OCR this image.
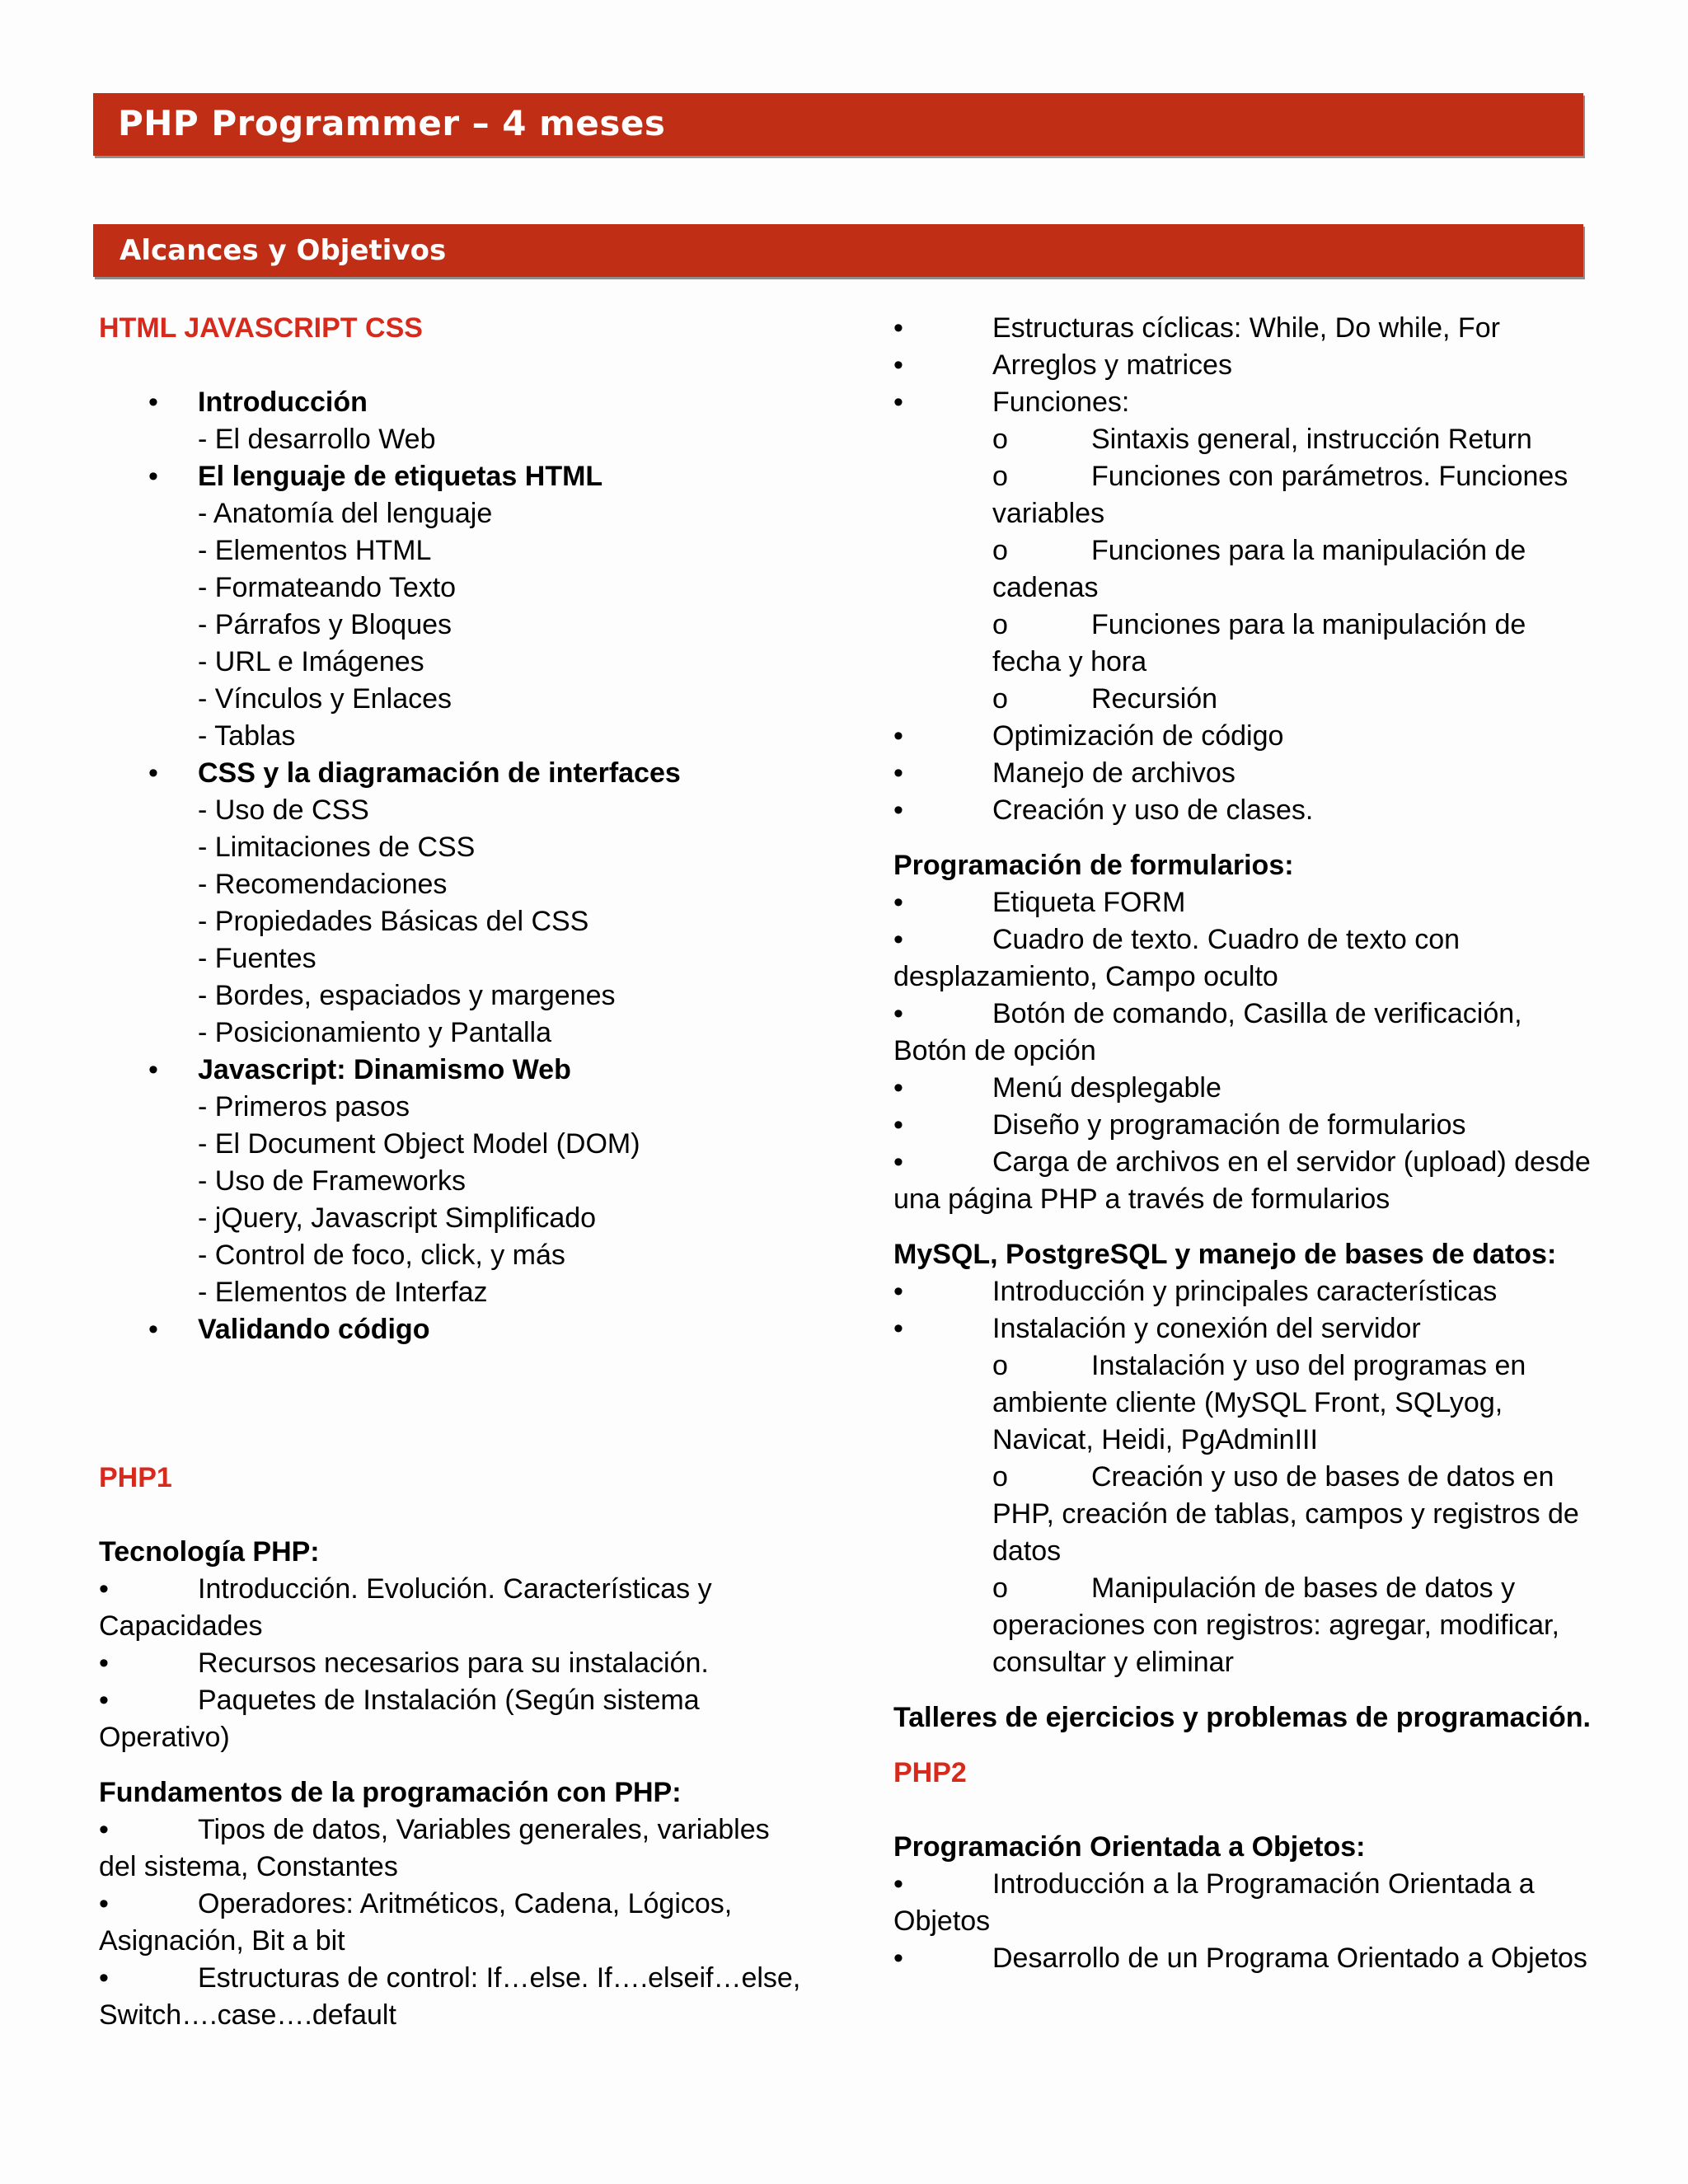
PHP Programmer – 4 meses
Alcances y Objetivos
HTML JAVASCRIPT CSS
• Introducción
- El desarrollo Web
• El lenguaje de etiquetas HTML
- Anatomía del lenguaje
- Elementos HTML
- Formateando Texto
- Párrafos y Bloques
- URL e Imágenes
- Vínculos y Enlaces
- Tablas
• CSS y la diagramación de interfaces
- Uso de CSS
- Limitaciones de CSS
- Recomendaciones
- Propiedades Básicas del CSS
- Fuentes
- Bordes, espaciados y margenes
- Posicionamiento y Pantalla
• Javascript: Dinamismo Web
- Primeros pasos
- El Document Object Model (DOM)
- Uso de Frameworks
- jQuery, Javascript Simplificado
- Control de foco, click, y más
- Elementos de Interfaz
• Validando código
PHP1
Tecnología PHP:
•	Introducción. Evolución. Características y
Capacidades
•	Recursos necesarios para su instalación.
•	Paquetes de Instalación (Según sistema
Operativo)
Fundamentos de la programación con PHP:
•	Tipos de datos, Variables generales, variables
del sistema, Constantes
•	Operadores: Aritméticos, Cadena, Lógicos,
Asignación, Bit a bit
•	Estructuras de control: If…else. If….elseif…else,
Switch….case….default
•	Estructuras cíclicas: While, Do while, For
•	Arreglos y matrices
•	Funciones:
o	Sintaxis general, instrucción Return
o	Funciones con parámetros. Funciones
variables
o	Funciones para la manipulación de
cadenas
o	Funciones para la manipulación de
fecha y hora
o	Recursión
•	Optimización de código
•	Manejo de archivos
•	Creación y uso de clases.
Programación de formularios:
•	Etiqueta FORM
•	Cuadro de texto. Cuadro de texto con
desplazamiento, Campo oculto
•	Botón de comando, Casilla de verificación,
Botón de opción
•	Menú desplegable
•	Diseño y programación de formularios
•	Carga de archivos en el servidor (upload) desde
una página PHP a través de formularios
MySQL, PostgreSQL y manejo de bases de datos:
•	Introducción y principales características
•	Instalación y conexión del servidor
o	Instalación y uso del programas en
ambiente cliente (MySQL Front, SQLyog,
Navicat, Heidi, PgAdminIII
o	Creación y uso de bases de datos en
PHP, creación de tablas, campos y registros de
datos
o	Manipulación de bases de datos y
operaciones con registros: agregar, modificar,
consultar y eliminar
Talleres de ejercicios y problemas de programación.
PHP2
Programación Orientada a Objetos:
•	Introducción a la Programación Orientada a
Objetos
•	Desarrollo de un Programa Orientado a Objetos
